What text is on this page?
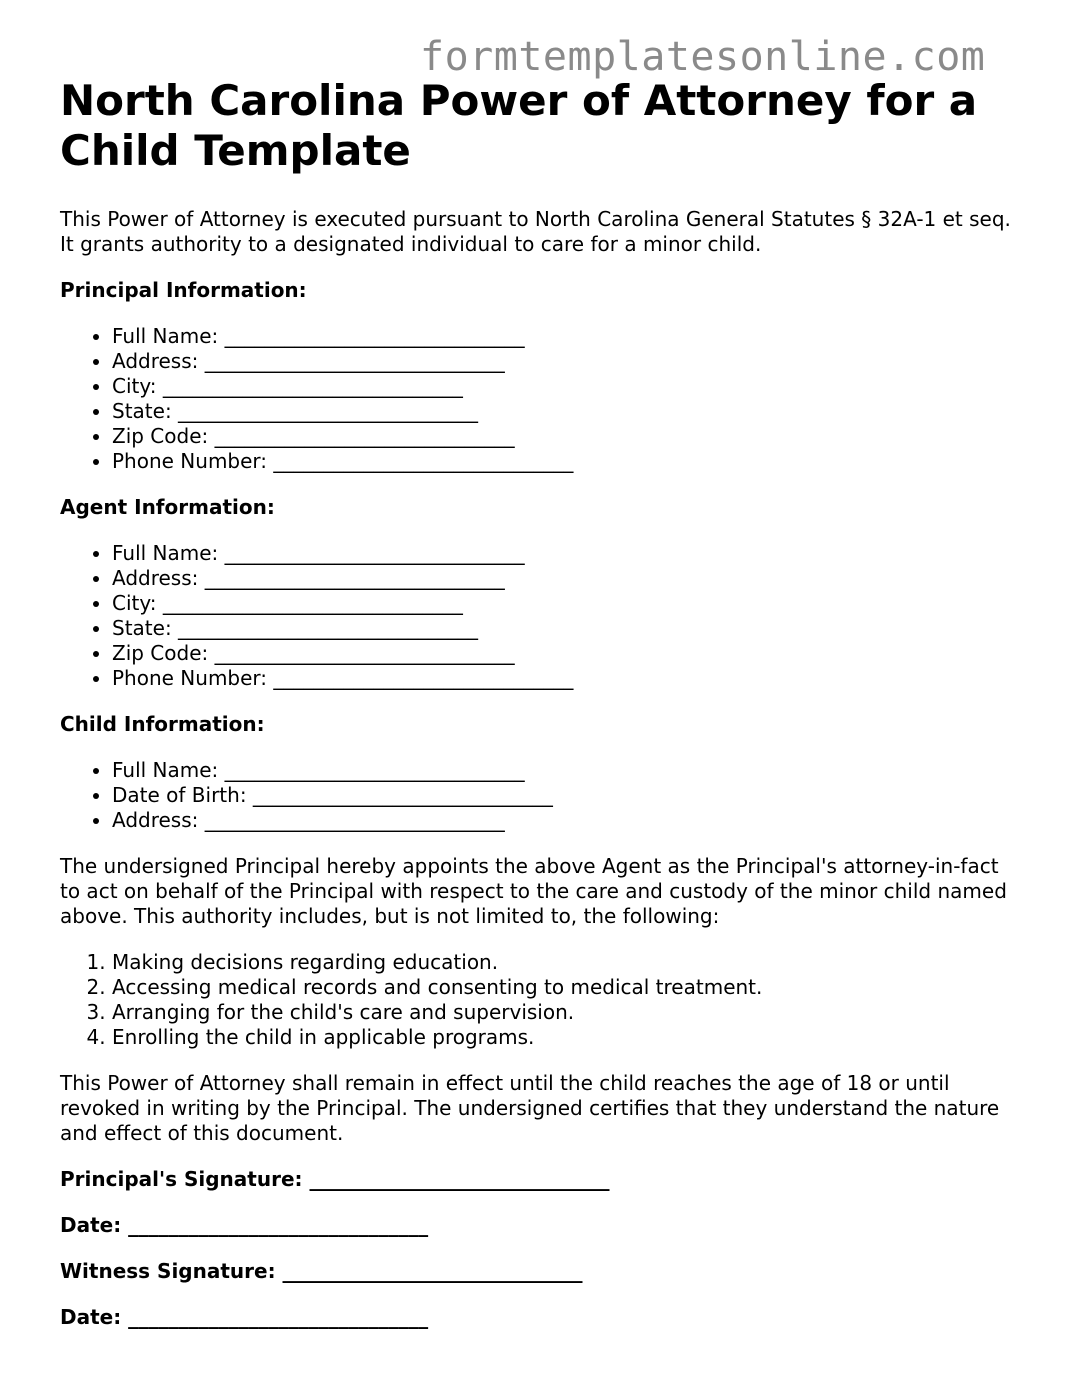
formtemplatesonline.com
North Carolina Power of Attorney for a Child Template

This Power of Attorney is executed pursuant to North Carolina General Statutes § 32A-1 et seq. It grants authority to a designated individual to care for a minor child.

Principal Information:

• Full Name: ______________________________
• Address: ______________________________
• City: ______________________________
• State: ______________________________
• Zip Code: ______________________________
• Phone Number: ______________________________

Agent Information:

• Full Name: ______________________________
• Address: ______________________________
• City: ______________________________
• State: ______________________________
• Zip Code: ______________________________
• Phone Number: ______________________________

Child Information:

• Full Name: ______________________________
• Date of Birth: ______________________________
• Address: ______________________________

The undersigned Principal hereby appoints the above Agent as the Principal's attorney-in-fact to act on behalf of the Principal with respect to the care and custody of the minor child named above. This authority includes, but is not limited to, the following:

1. Making decisions regarding education.
2. Accessing medical records and consenting to medical treatment.
3. Arranging for the child's care and supervision.
4. Enrolling the child in applicable programs.

This Power of Attorney shall remain in effect until the child reaches the age of 18 or until revoked in writing by the Principal. The undersigned certifies that they understand the nature and effect of this document.

Principal's Signature: ______________________________

Date: ______________________________

Witness Signature: ______________________________

Date: ______________________________
